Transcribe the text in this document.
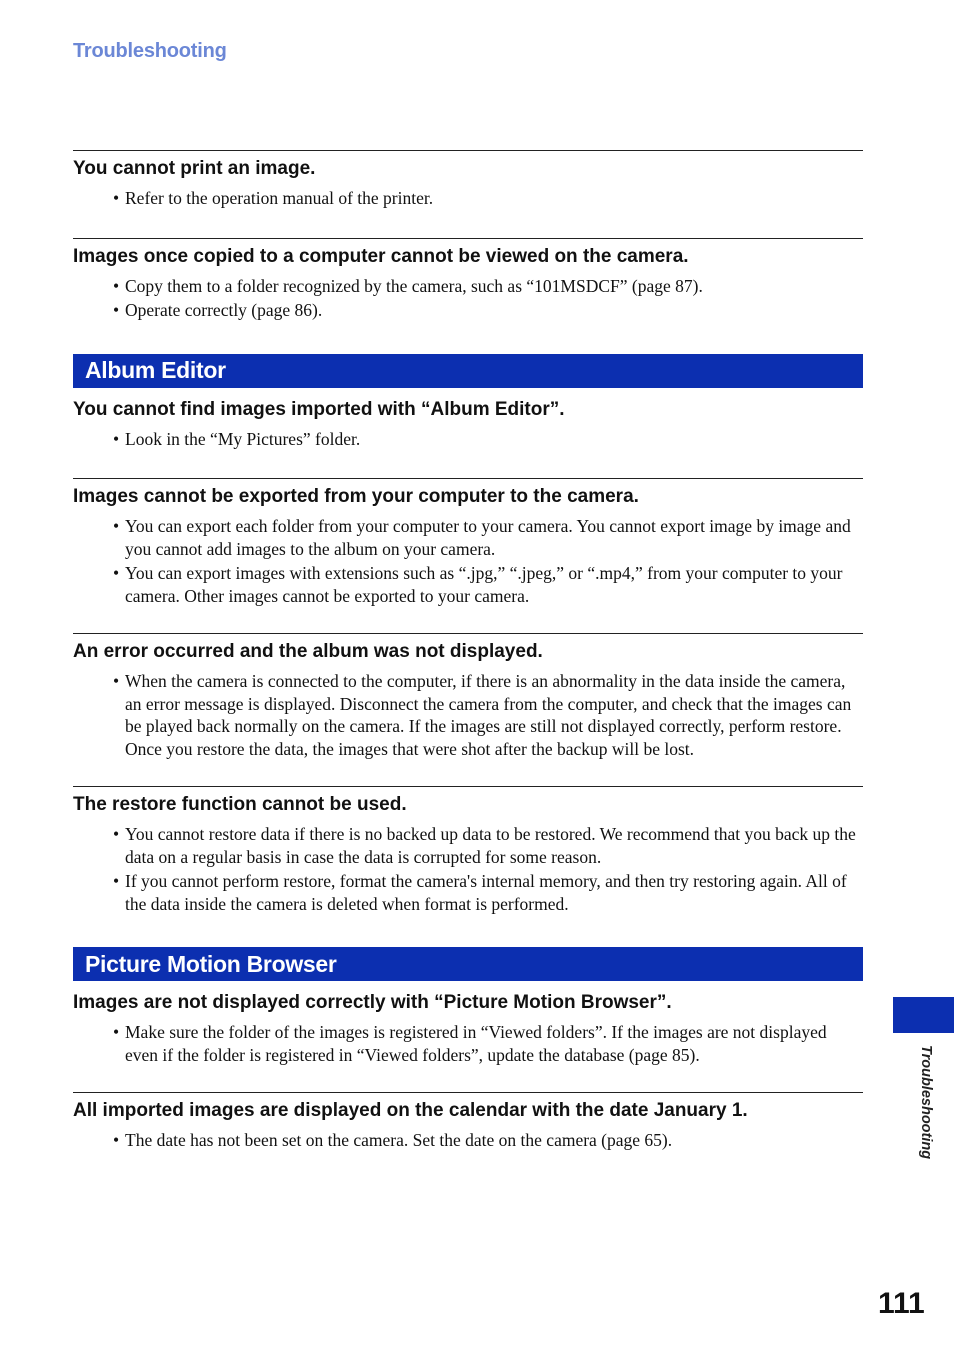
Troubleshooting
You cannot print an image.
• Refer to the operation manual of the printer.
Images once copied to a computer cannot be viewed on the camera.
• Copy them to a folder recognized by the camera, such as “101MSDCF” (page 87).
• Operate correctly (page 86).
Album Editor
You cannot find images imported with “Album Editor”.
• Look in the “My Pictures” folder.
Images cannot be exported from your computer to the camera.
• You can export each folder from your computer to your camera. You cannot export image by image and you cannot add images to the album on your camera.
• You can export images with extensions such as “.jpg,” “.jpeg,” or “.mp4,” from your computer to your camera. Other images cannot be exported to your camera.
An error occurred and the album was not displayed.
• When the camera is connected to the computer, if there is an abnormality in the data inside the camera, an error message is displayed. Disconnect the camera from the computer, and check that the images can be played back normally on the camera. If the images are still not displayed correctly, perform restore. Once you restore the data, the images that were shot after the backup will be lost.
The restore function cannot be used.
• You cannot restore data if there is no backed up data to be restored. We recommend that you back up the data on a regular basis in case the data is corrupted for some reason.
• If you cannot perform restore, format the camera's internal memory, and then try restoring again. All of the data inside the camera is deleted when format is performed.
Picture Motion Browser
Images are not displayed correctly with “Picture Motion Browser”.
• Make sure the folder of the images is registered in “Viewed folders”. If the images are not displayed even if the folder is registered in “Viewed folders”, update the database (page 85).
All imported images are displayed on the calendar with the date January 1.
• The date has not been set on the camera. Set the date on the camera (page 65).	Troubleshooting
111
